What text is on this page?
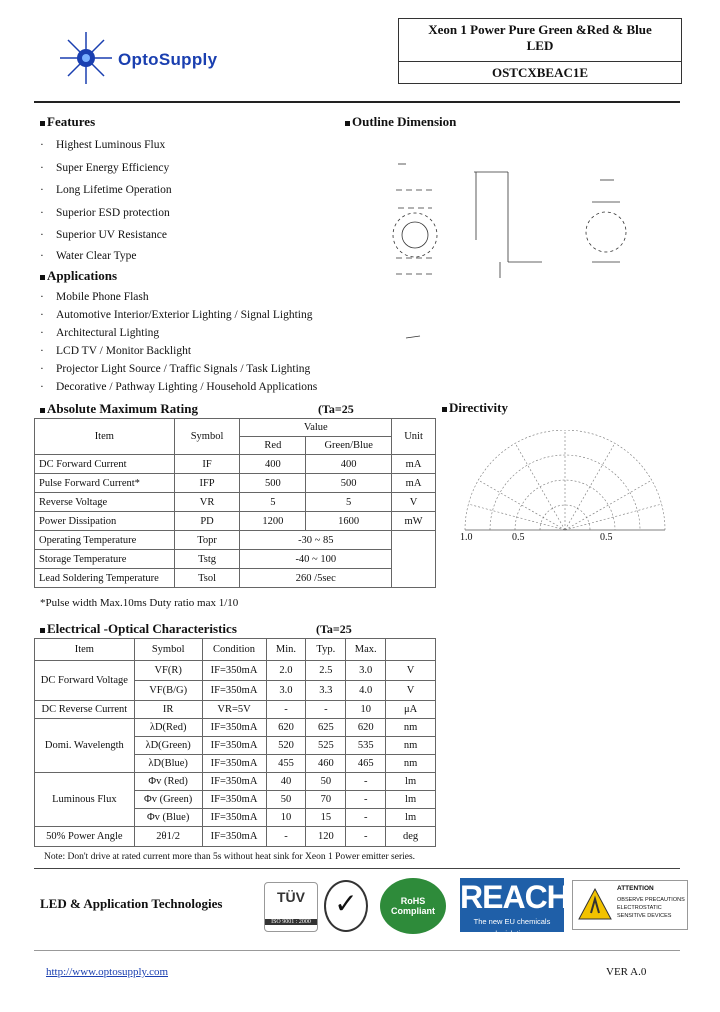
OptoSupply
Xeon 1 Power Pure Green &Red & Blue
LED
OSTCXBEAC1E
Features
· Highest Luminous Flux
· Super Energy Efficiency
· Long Lifetime Operation
· Superior ESD protection
· Superior UV Resistance
· Water Clear Type
Outline Dimension
Applications
· Mobile Phone Flash
· Automotive Interior/Exterior Lighting / Signal Lighting
· Architectural Lighting
· LCD TV / Monitor Backlight
· Projector Light Source / Traffic Signals / Task Lighting
· Decorative / Pathway Lighting / Household Applications
Absolute Maximum Rating	(Ta=25
Item	Symbol	Value		Unit
		Red	Green/Blue	
DC Forward Current	IF	400	400	mA
Pulse Forward Current*	IFP	500	500	mA
Reverse Voltage	VR	5	5	V
Power Dissipation	PD	1200	1600	mW
Operating Temperature	Topr	-30 ~ 85		
Storage Temperature	Tstg	-40 ~ 100		
Lead Soldering Temperature	Tsol	260 /5sec		
*Pulse width Max.10ms Duty ratio max 1/10
Directivity
1.0	0.5	0.5
Electrical -Optical Characteristics	(Ta=25
Item	Symbol	Condition	Min.	Typ.	Max.	
DC Forward Voltage	VF(R)	IF=350mA	2.0	2.5	3.0	V
	VF(B/G)	IF=350mA	3.0	3.3	4.0	V
DC Reverse Current	IR	VR=5V	-	-	10	μA
Domi. Wavelength	λD(Red)	IF=350mA	620	625	620	nm
	λD(Green)	IF=350mA	520	525	535	nm
	λD(Blue)	IF=350mA	455	460	465	nm
Luminous Flux	Φv (Red)	IF=350mA	40	50	-	lm
	Φv (Green)	IF=350mA	50	70	-	lm
	Φv (Blue)	IF=350mA	10	15	-	lm
50% Power Angle	2θ1/2	IF=350mA	-	120	-	deg
Note: Don't drive at rated current more than 5s without heat sink for Xeon 1 Power emitter series.
LED & Application Technologies	TÜV
ISO 9001 : 2000
✓	RoHS Compliant REACH
The new EU chemicals legislation
ATTENTION
OBSERVE PRECAUTIONS
ELECTROSTATIC
SENSITIVE DEVICES
http://www.optosupply.com	VER A.0
